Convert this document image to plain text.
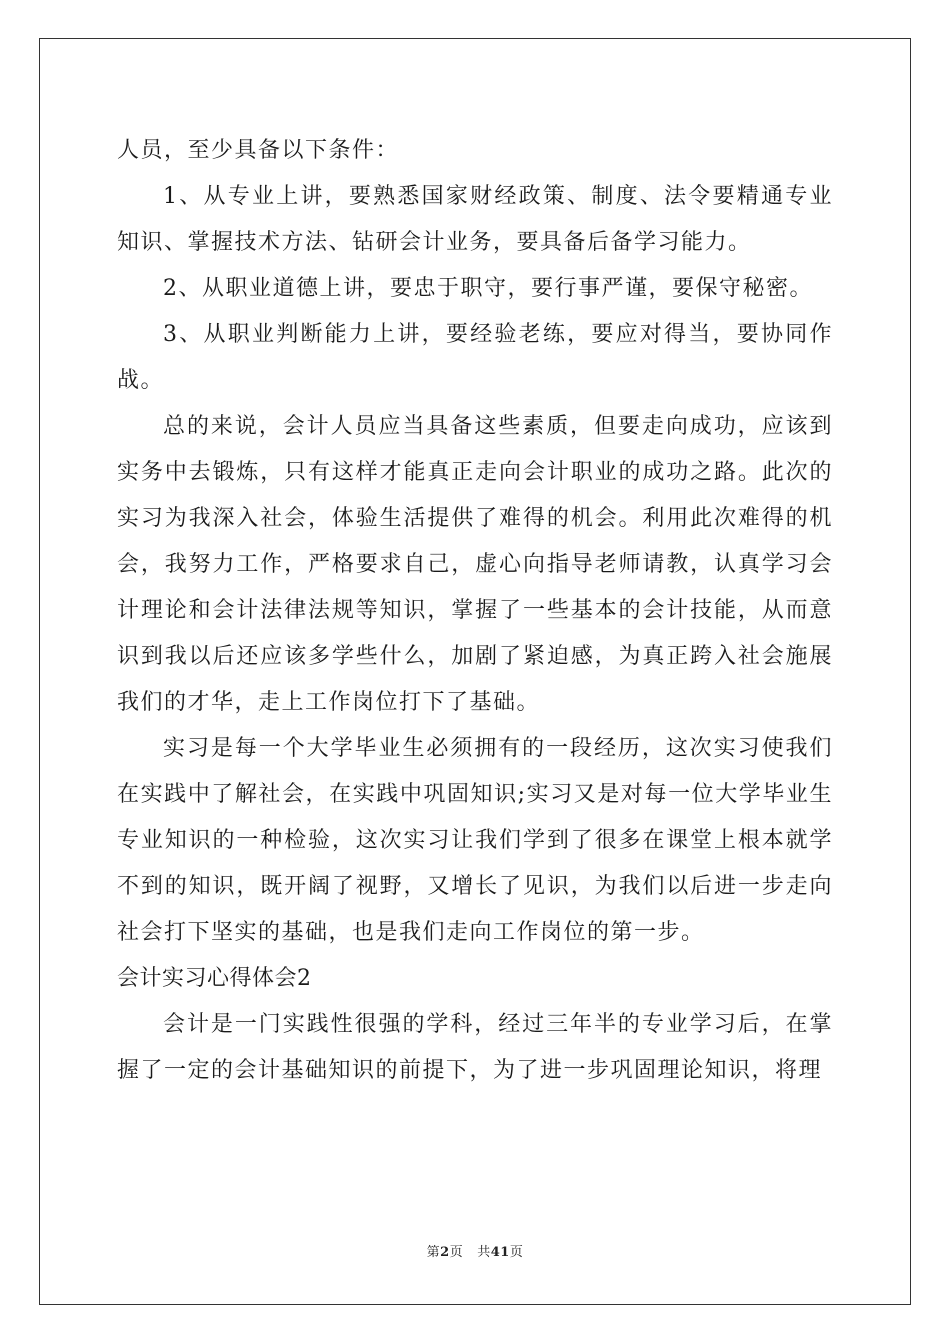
人员，至少具备以下条件：

1、从专业上讲，要熟悉国家财经政策、制度、法令要精通专业知识、掌握技术方法、钻研会计业务，要具备后备学习能力。

2、从职业道德上讲，要忠于职守，要行事严谨，要保守秘密。

3、从职业判断能力上讲，要经验老练，要应对得当，要协同作战。

总的来说，会计人员应当具备这些素质，但要走向成功，应该到实务中去锻炼，只有这样才能真正走向会计职业的成功之路。此次的实习为我深入社会，体验生活提供了难得的机会。利用此次难得的机会，我努力工作，严格要求自己，虚心向指导老师请教，认真学习会计理论和会计法律法规等知识，掌握了一些基本的会计技能，从而意识到我以后还应该多学些什么，加剧了紧迫感，为真正跨入社会施展我们的才华，走上工作岗位打下了基础。

实习是每一个大学毕业生必须拥有的一段经历，这次实习使我们在实践中了解社会，在实践中巩固知识;实习又是对每一位大学毕业生专业知识的一种检验，这次实习让我们学到了很多在课堂上根本就学不到的知识，既开阔了视野，又增长了见识，为我们以后进一步走向社会打下坚实的基础，也是我们走向工作岗位的第一步。

会计实习心得体会2

会计是一门实践性很强的学科，经过三年半的专业学习后，在掌握了一定的会计基础知识的前提下，为了进一步巩固理论知识，将理

第2页 共41页
